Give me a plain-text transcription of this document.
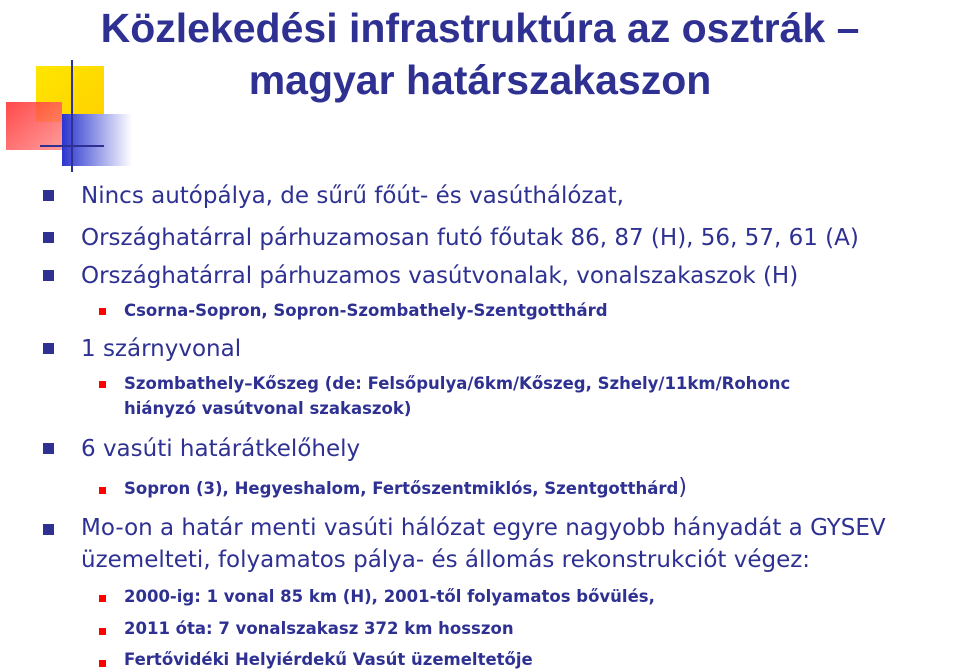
Közlekedési infrastruktúra az osztrák –
magyar határszakaszon
Nincs autópálya, de sűrű főút- és vasúthálózat,
Országhatárral párhuzamosan futó főutak 86, 87 (H), 56, 57, 61 (A)
Országhatárral párhuzamos vasútvonalak, vonalszakaszok (H)
Csorna-Sopron, Sopron-Szombathely-Szentgotthárd
1 szárnyvonal
Szombathely–Kőszeg (de: Felsőpulya/6km/Kőszeg, Szhely/11km/Rohonc
hiányzó vasútvonal szakaszok)
6 vasúti határátkelőhely
Sopron (3), Hegyeshalom, Fertőszentmiklós, Szentgotthárd)
Mo-on a határ menti vasúti hálózat egyre nagyobb hányadát a GYSEV
üzemelteti, folyamatos pálya- és állomás rekonstrukciót végez:
2000-ig: 1 vonal 85 km (H), 2001-től folyamatos bővülés,
2011 óta: 7 vonalszakasz 372 km hosszon
Fertővidéki Helyiérdekű Vasút üzemeltetője
